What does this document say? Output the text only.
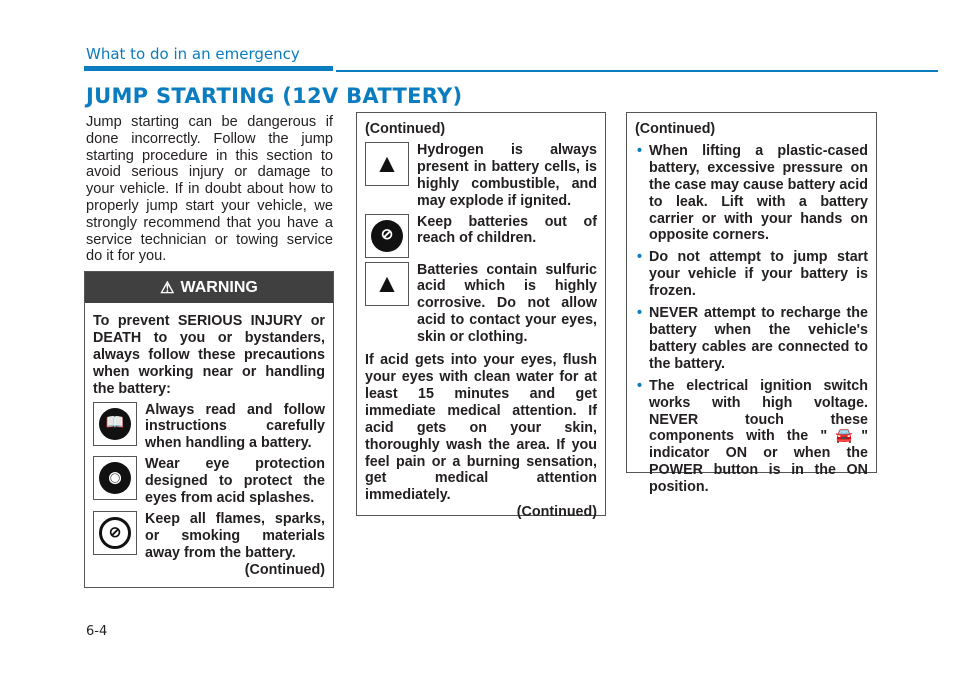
What to do in an emergency
JUMP STARTING (12V BATTERY)
Jump starting can be dangerous if done incorrectly. Follow the jump starting procedure in this section to avoid serious injury or damage to your vehicle. If in doubt about how to properly jump start your vehicle, we strongly recommend that you have a service technician or towing service do it for you.
⚠ WARNING
To prevent SERIOUS INJURY or DEATH to you or bystanders, always follow these precautions when working near or handling the battery:
📖
Always read and follow instructions carefully when handling a battery.
◉
Wear eye protection designed to protect the eyes from acid splashes.
⊘
Keep all flames, sparks, or smoking materials away from the battery.
(Continued)
(Continued)
▲ Hydrogen is always present in battery cells, is highly combustible, and may explode if ignited.
⊘
Keep batteries out of reach of children.
▲ Batteries contain sulfuric acid which is highly corrosive. Do not allow acid to contact your eyes, skin or clothing.
If acid gets into your eyes, flush your eyes with clean water for at least 15 minutes and get immediate medical attention. If acid gets on your skin, thoroughly wash the area. If you feel pain or a burning sensation, get medical attention immediately.
(Continued)
(Continued)
• When lifting a plastic-cased battery, excessive pressure on the case may cause battery acid to leak. Lift with a battery carrier or with your hands on opposite corners.
• Do not attempt to jump start your vehicle if your battery is frozen.
• NEVER attempt to recharge the battery when the vehicle's battery cables are connected to the battery.
• The electrical ignition switch works with high voltage. NEVER touch these components with the "🚘" indicator ON or when the POWER button is in the ON position.
6-4
